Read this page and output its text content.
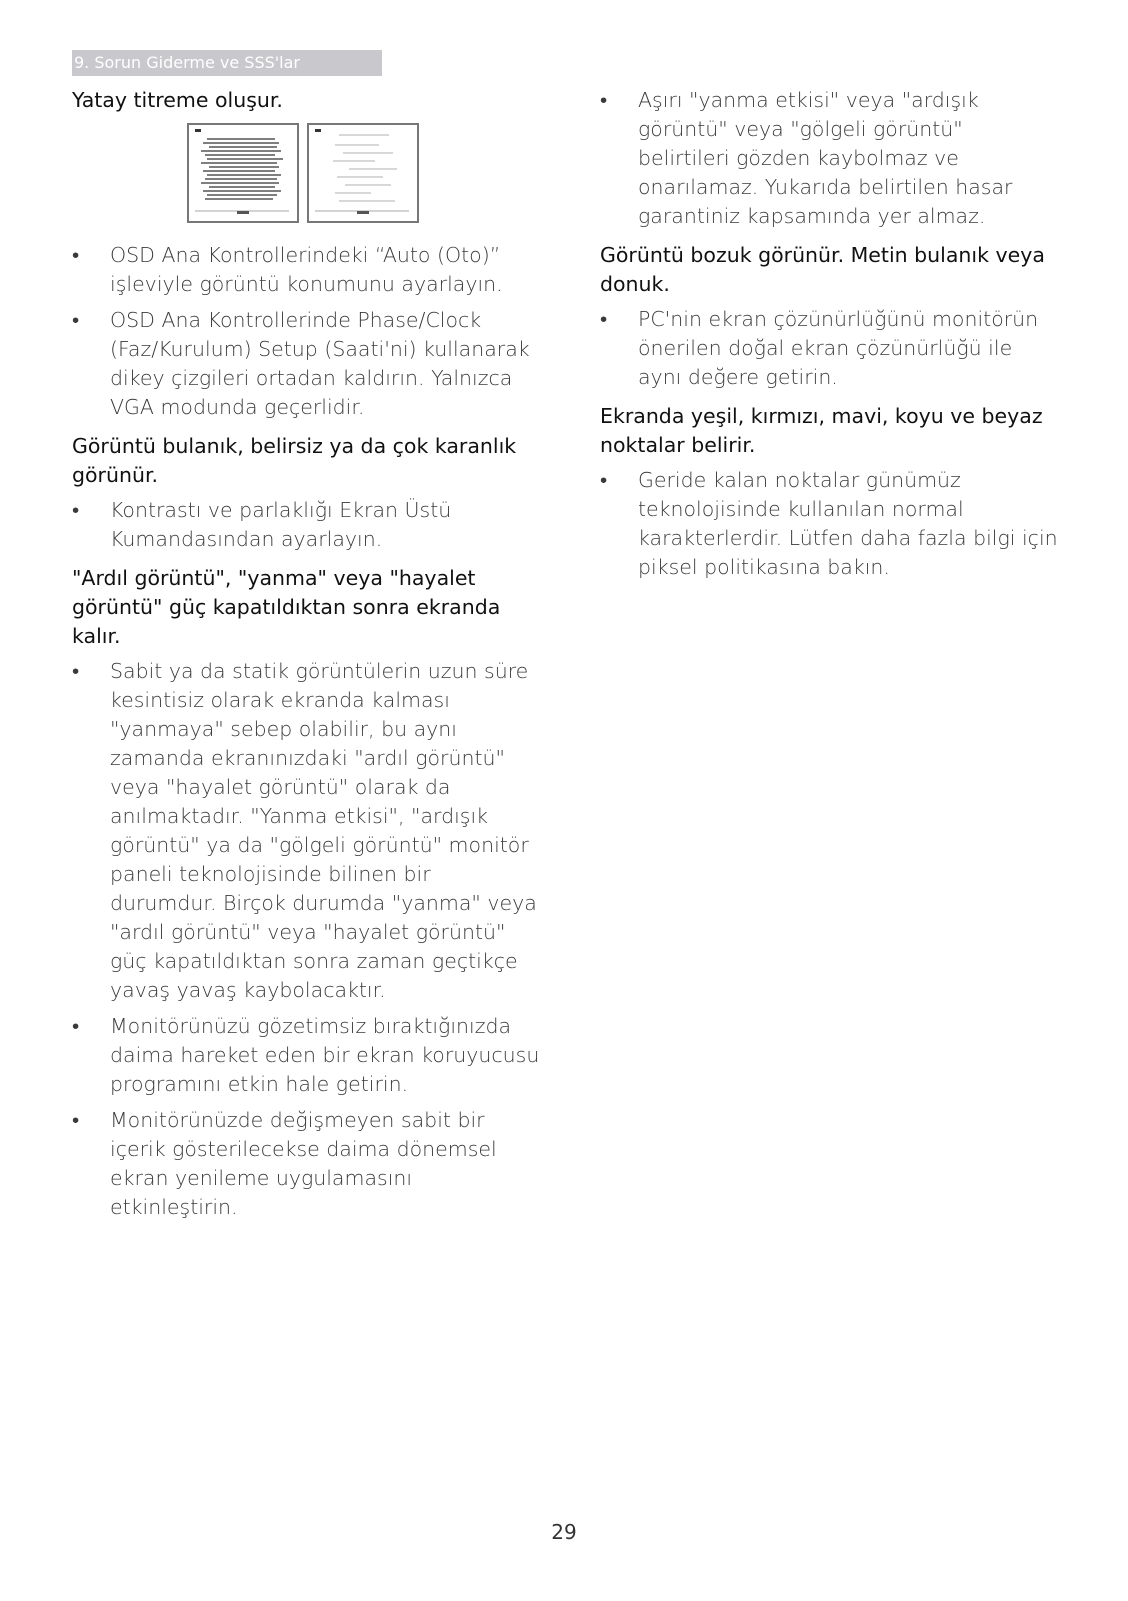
9. Sorun Giderme ve SSS'lar
Yatay titreme oluşur.
• OSD Ana Kontrollerindeki “Auto (Oto)” işleviyle görüntü konumunu ayarlayın.
• OSD Ana Kontrollerinde Phase/Clock (Faz/Kurulum) Setup (Saati'ni) kullanarak dikey çizgileri ortadan kaldırın. Yalnızca VGA modunda geçerlidir.
Görüntü bulanık, belirsiz ya da çok karanlık görünür.
• Kontrastı ve parlaklığı Ekran Üstü Kumandasından ayarlayın.
"Ardıl görüntü", "yanma" veya "hayalet görüntü" güç kapatıldıktan sonra ekranda kalır.
• Sabit ya da statik görüntülerin uzun süre kesintisiz olarak ekranda kalması "yanmaya" sebep olabilir, bu aynı zamanda ekranınızdaki "ardıl görüntü" veya "hayalet görüntü" olarak da anılmaktadır. "Yanma etkisi", "ardışık görüntü" ya da "gölgeli görüntü" monitör paneli teknolojisinde bilinen bir durumdur. Birçok durumda "yanma" veya "ardıl görüntü" veya "hayalet görüntü" güç kapatıldıktan sonra zaman geçtikçe yavaş yavaş kaybolacaktır.
• Monitörünüzü gözetimsiz bıraktığınızda daima hareket eden bir ekran koruyucusu programını etkin hale getirin.
• Monitörünüzde değişmeyen sabit bir içerik gösterilecekse daima dönemsel ekran yenileme uygulamasını etkinleştirin.
• Aşırı "yanma etkisi" veya "ardışık görüntü" veya "gölgeli görüntü" belirtileri gözden kaybolmaz ve onarılamaz. Yukarıda belirtilen hasar garantiniz kapsamında yer almaz.
Görüntü bozuk görünür. Metin bulanık veya donuk.
• PC'nin ekran çözünürlüğünü monitörün önerilen doğal ekran çözünürlüğü ile aynı değere getirin.
Ekranda yeşil, kırmızı, mavi, koyu ve beyaz noktalar belirir.
• Geride kalan noktalar günümüz teknolojisinde kullanılan normal karakterlerdir. Lütfen daha fazla bilgi için piksel politikasına bakın.
29
